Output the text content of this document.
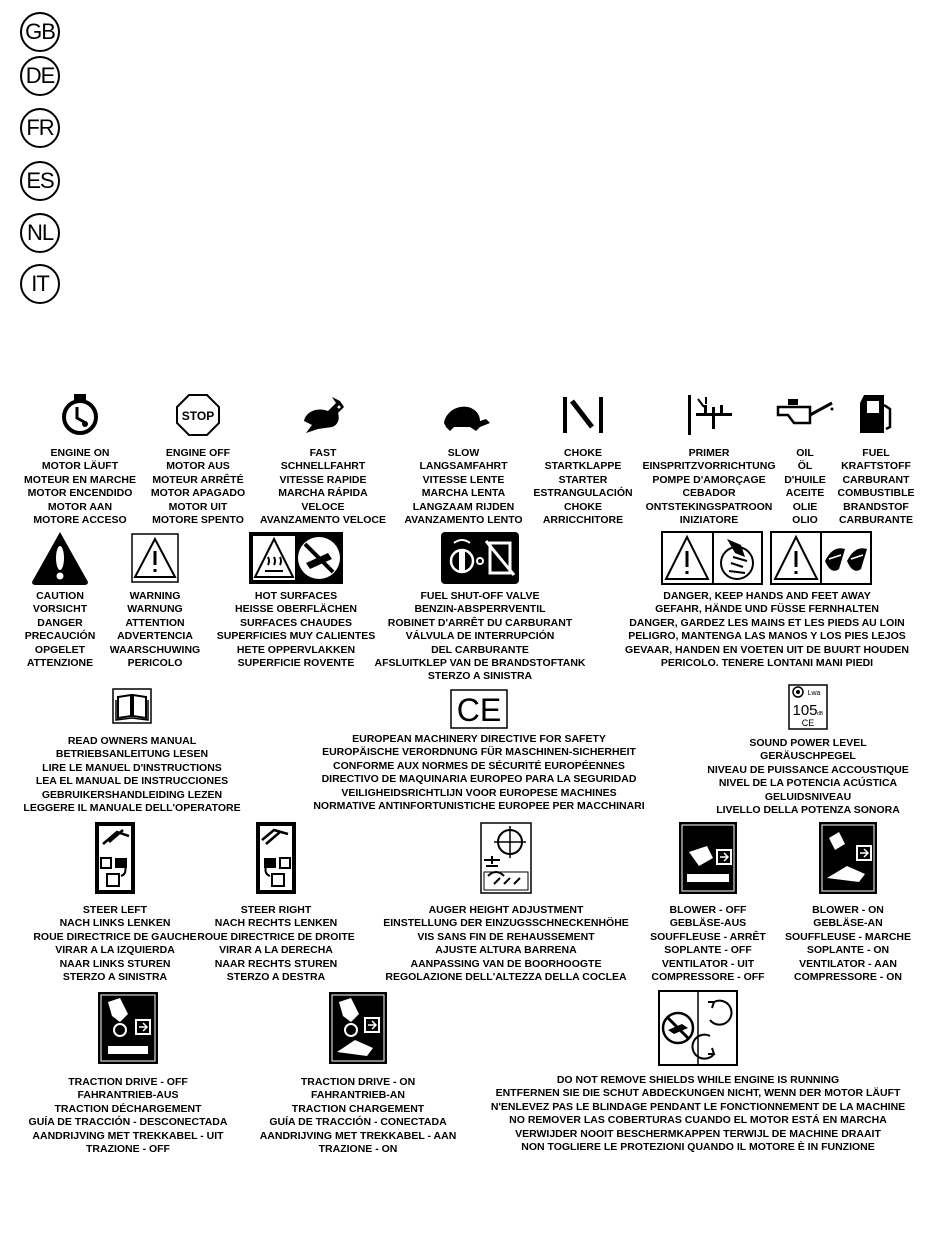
GB
DE
FR
ES
NL
IT
ENGINE ON
MOTOR LÄUFT
MOTEUR EN MARCHE
MOTOR ENCENDIDO
MOTOR AAN
MOTORE ACCESO
STOP
ENGINE OFF
MOTOR AUS
MOTEUR ARRÊTÉ
MOTOR APAGADO
MOTOR UIT
MOTORE SPENTO
FAST
SCHNELLFAHRT
VITESSE RAPIDE
MARCHA RÁPIDA
VELOCE
AVANZAMENTO VELOCE
SLOW
LANGSAMFAHRT
VITESSE LENTE
MARCHA LENTA
LANGZAAM RIJDEN
AVANZAMENTO LENTO
CHOKE
STARTKLAPPE
STARTER
ESTRANGULACIÓN
CHOKE
ARRICCHITORE
PRIMER
EINSPRITZVORRICHTUNG
POMPE D'AMORÇAGE
CEBADOR
ONTSTEKINGSPATROON
INIZIATORE
OIL
ÖL
D'HUILE
ACEITE
OLIE
OLIO
FUEL
KRAFTSTOFF
CARBURANT
COMBUSTIBLE
BRANDSTOF
CARBURANTE
CAUTION
VORSICHT
DANGER
PRECAUCIÓN
OPGELET
ATTENZIONE
WARNING
WARNUNG
ATTENTION
ADVERTENCIA
WAARSCHUWING
PERICOLO
HOT SURFACES
HEISSE OBERFLÄCHEN
SURFACES CHAUDES
SUPERFICIES MUY CALIENTES
HETE OPPERVLAKKEN
SUPERFICIE ROVENTE
FUEL SHUT-OFF VALVE
BENZIN-ABSPERRVENTIL
ROBINET D'ARRÊT DU CARBURANT
VÁLVULA DE INTERRUPCIÓN
DEL CARBURANTE
AFSLUITKLEP VAN DE BRANDSTOFTANK
STERZO A SINISTRA
DANGER, KEEP HANDS AND FEET AWAY
GEFAHR, HÄNDE UND FÜSSE FERNHALTEN
DANGER, GARDEZ LES MAINS ET LES PIEDS AU LOIN
PELIGRO, MANTENGA LAS MANOS Y LOS PIES LEJOS
GEVAAR, HANDEN EN VOETEN UIT DE BUURT HOUDEN
PERICOLO. TENERE LONTANI MANI PIEDI
READ OWNERS MANUAL
BETRIEBSANLEITUNG LESEN
LIRE LE MANUEL D'INSTRUCTIONS
LEA EL MANUAL DE INSTRUCCIONES
GEBRUIKERSHANDLEIDING LEZEN
LEGGERE IL MANUALE DELL'OPERATORE
CE
EUROPEAN MACHINERY DIRECTIVE FOR SAFETY
EUROPÄISCHE VERORDNUNG FÜR MASCHINEN-SICHERHEIT
CONFORME AUX NORMES DE SÉCURITÉ EUROPÉENNES
DIRECTIVO DE MAQUINARIA EUROPEO PARA LA SEGURIDAD
VEILIGHEIDSRICHTLIJN VOOR EUROPESE MACHINES
NORMATIVE ANTINFORTUNISTICHE EUROPEE PER MACCHINARI
Lwa
105 dB
CE
SOUND POWER LEVEL
GERÄUSCHPEGEL
NIVEAU DE PUISSANCE ACCOUSTIQUE
NIVEL DE LA POTENCIA ACÚSTICA
GELUIDSNIVEAU
LIVELLO DELLA POTENZA SONORA
STEER LEFT
NACH LINKS LENKEN
ROUE DIRECTRICE DE GAUCHE
VIRAR A LA IZQUIERDA
NAAR LINKS STUREN
STERZO A SINISTRA
STEER RIGHT
NACH RECHTS LENKEN
ROUE DIRECTRICE DE DROITE
VIRAR A LA DERECHA
NAAR RECHTS STUREN
STERZO A DESTRA
AUGER HEIGHT ADJUSTMENT
EINSTELLUNG DER EINZUGSSCHNECKENHÖHE
VIS SANS FIN DE REHAUSSEMENT
AJUSTE ALTURA BARRENA
AANPASSING VAN DE BOORHOOGTE
REGOLAZIONE DELL'ALTEZZA DELLA COCLEA
BLOWER - OFF
GEBLÄSE-AUS
SOUFFLEUSE - ARRÊT
SOPLANTE - OFF
VENTILATOR - UIT
COMPRESSORE - OFF
BLOWER - ON
GEBLÄSE-AN
SOUFFLEUSE - MARCHE
SOPLANTE - ON
VENTILATOR - AAN
COMPRESSORE - ON
TRACTION DRIVE - OFF
FAHRANTRIEB-AUS
TRACTION DÉCHARGEMENT
GUÍA DE TRACCIÓN - DESCONECTADA
AANDRIJVING MET TREKKABEL - UIT
TRAZIONE - OFF
TRACTION DRIVE - ON
FAHRANTRIEB-AN
TRACTION CHARGEMENT
GUÍA DE TRACCIÓN - CONECTADA
AANDRIJVING MET TREKKABEL - AAN
TRAZIONE - ON
DO NOT REMOVE SHIELDS WHILE ENGINE IS RUNNING
ENTFERNEN SIE DIE SCHUT ABDECKUNGEN NICHT, WENN DER MOTOR LÄUFT
N'ENLEVEZ PAS LE BLINDAGE PENDANT LE FONCTIONNEMENT DE LA MACHINE
NO REMOVER LAS COBERTURAS CUANDO EL MOTOR ESTÁ EN MARCHA
VERWIJDER NOOIT BESCHERMKAPPEN TERWIJL DE MACHINE DRAAIT
NON TOGLIERE LE PROTEZIONI QUANDO IL MOTORE È IN FUNZIONE
